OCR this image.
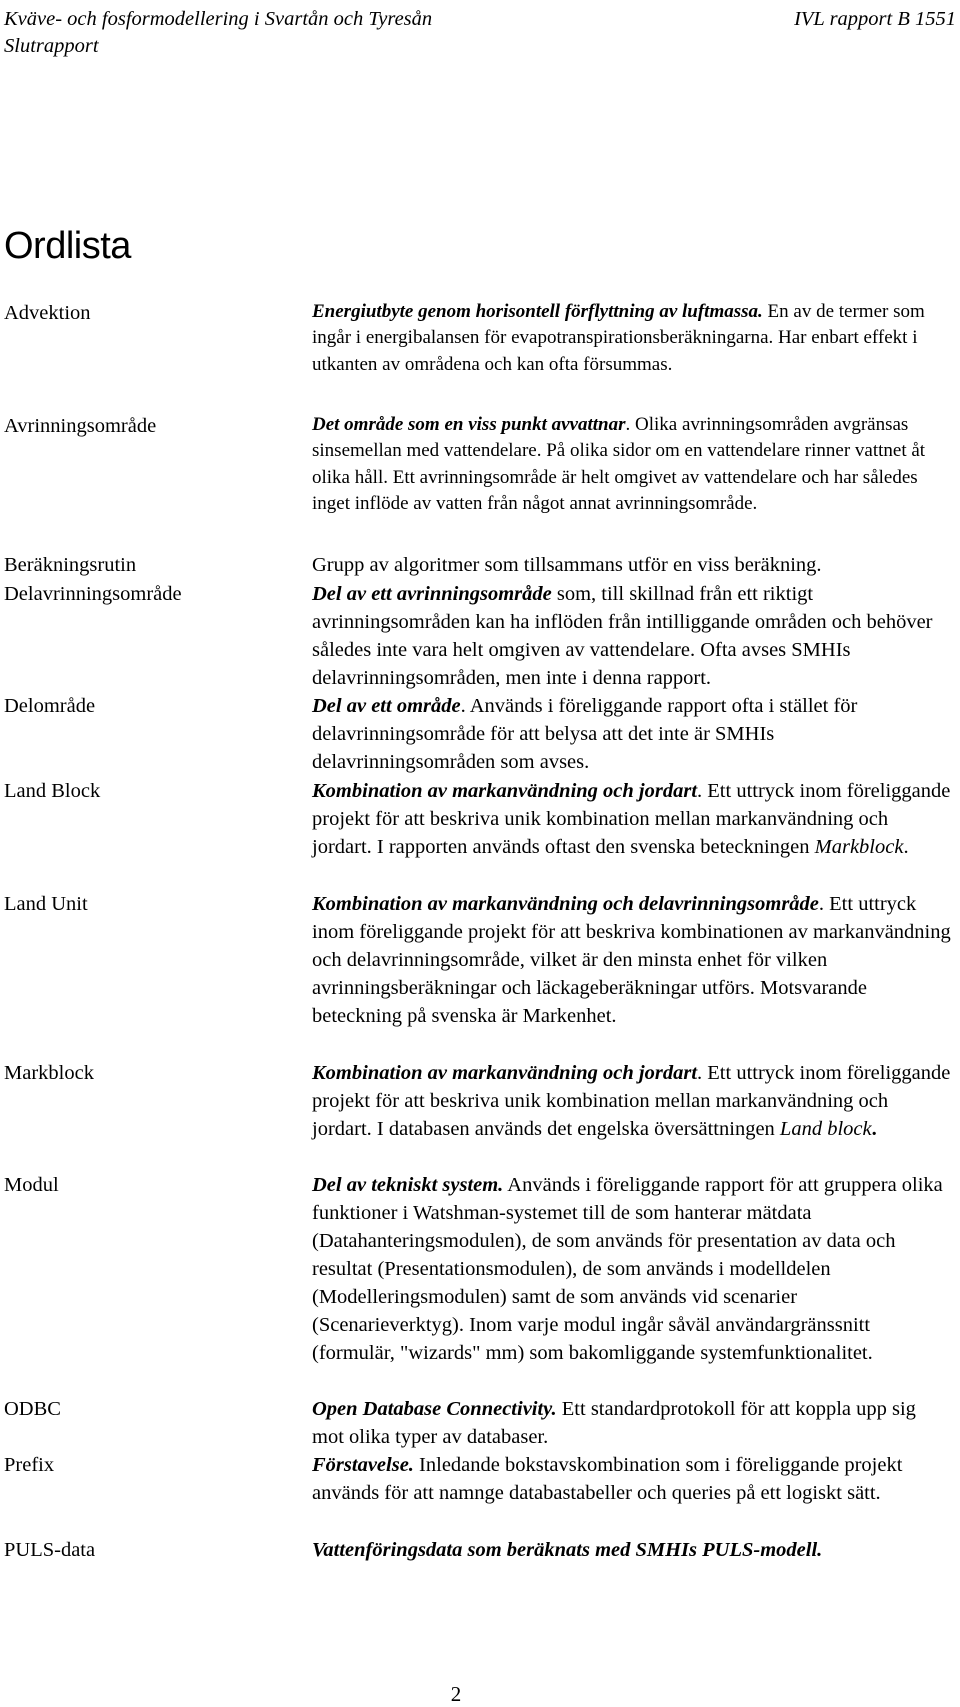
Kväve- och fosformodellering i Svartån och Tyresån	IVL rapport B 1551
Slutrapport
Ordlista
Advektion	Energiutbyte genom horisontell förflyttning av luftmassa. En av de termer som ingår i energibalansen för evapotranspirationsberäkningarna. Har enbart effekt i utkanten av områdena och kan ofta försummas.
Avrinningsområde	Det område som en viss punkt avvattnar. Olika avrinningsområden avgränsas sinsemellan med vattendelare. På olika sidor om en vattendelare rinner vattnet åt olika håll. Ett avrinningsområde är helt omgivet av vattendelare och har således inget inflöde av vatten från något annat avrinningsområde.
Beräkningsrutin	Grupp av algoritmer som tillsammans utför en viss beräkning.
Delavrinningsområde	Del av ett avrinningsområde som, till skillnad från ett riktigt avrinningsområden kan ha inflöden från intilliggande områden och behöver således inte vara helt omgiven av vattendelare. Ofta avses SMHIs delavrinningsområden, men inte i denna rapport.
Delområde	Del av ett område. Används i föreliggande rapport ofta i stället för delavrinningsområde för att belysa att det inte är SMHIs delavrinningsområden som avses.
Land Block	Kombination av markanvändning och jordart. Ett uttryck inom föreliggande projekt för att beskriva unik kombination mellan markanvändning och jordart. I rapporten används oftast den svenska beteckningen Markblock.
Land Unit	Kombination av markanvändning och delavrinningsområde. Ett uttryck inom föreliggande projekt för att beskriva kombinationen av markanvändning och delavrinningsområde, vilket är den minsta enhet för vilken avrinningsberäkningar och läckageberäkningar utförs. Motsvarande beteckning på svenska är Markenhet.
Markblock	Kombination av markanvändning och jordart. Ett uttryck inom föreliggande projekt för att beskriva unik kombination mellan markanvändning och jordart. I databasen används det engelska översättningen Land block.
Modul	Del av tekniskt system. Används i föreliggande rapport för att gruppera olika funktioner i Watshman-systemet till de som hanterar mätdata (Datahanteringsmodulen), de som används för presentation av data och resultat (Presentationsmodulen), de som används i modelldelen (Modelleringsmodulen) samt de som används vid scenarier (Scenarieverktyg). Inom varje modul ingår såväl användargränssnitt (formulär, "wizards" mm) som bakomliggande systemfunktionalitet.
ODBC	Open Database Connectivity. Ett standardprotokoll för att koppla upp sig mot olika typer av databaser.
Prefix	Förstavelse. Inledande bokstavskombination som i föreliggande projekt används för att namnge databastabeller och queries på ett logiskt sätt.
PULS-data	Vattenföringsdata som beräknats med SMHIs PULS-modell.
2
